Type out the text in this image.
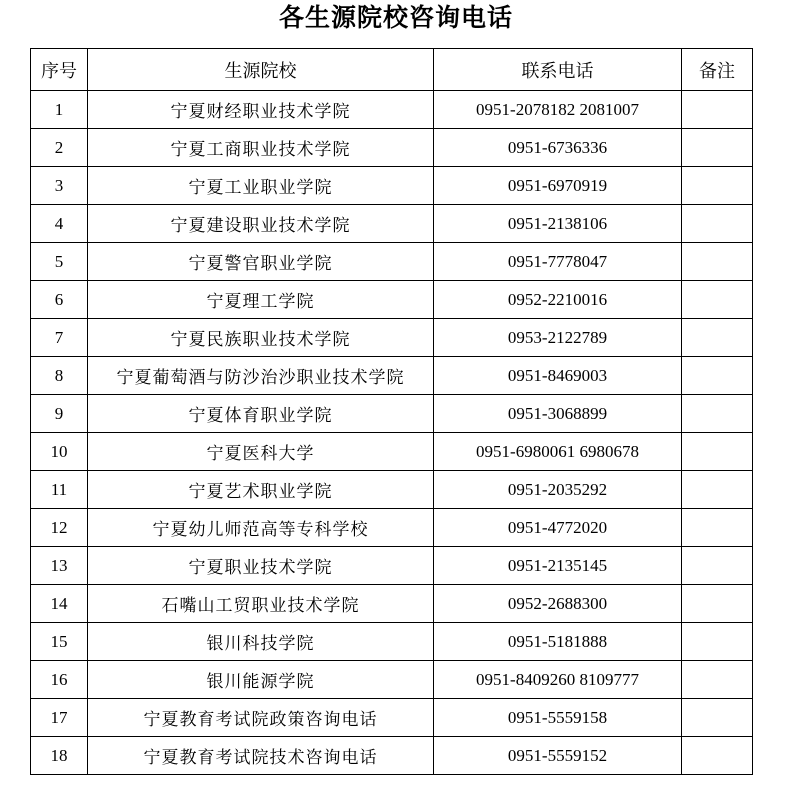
各生源院校咨询电话
序号	生源院校	联系电话	备注
1	宁夏财经职业技术学院	0951-2078182 2081007	
2	宁夏工商职业技术学院	0951-6736336	
3	宁夏工业职业学院	0951-6970919	
4	宁夏建设职业技术学院	0951-2138106	
5	宁夏警官职业学院	0951-7778047	
6	宁夏理工学院	0952-2210016	
7	宁夏民族职业技术学院	0953-2122789	
8	宁夏葡萄酒与防沙治沙职业技术学院	0951-8469003	
9	宁夏体育职业学院	0951-3068899	
10	宁夏医科大学	0951-6980061 6980678	
11	宁夏艺术职业学院	0951-2035292	
12	宁夏幼儿师范高等专科学校	0951-4772020	
13	宁夏职业技术学院	0951-2135145	
14	石嘴山工贸职业技术学院	0952-2688300	
15	银川科技学院	0951-5181888	
16	银川能源学院	0951-8409260 8109777	
17	宁夏教育考试院政策咨询电话	0951-5559158	
18	宁夏教育考试院技术咨询电话	0951-5559152	
